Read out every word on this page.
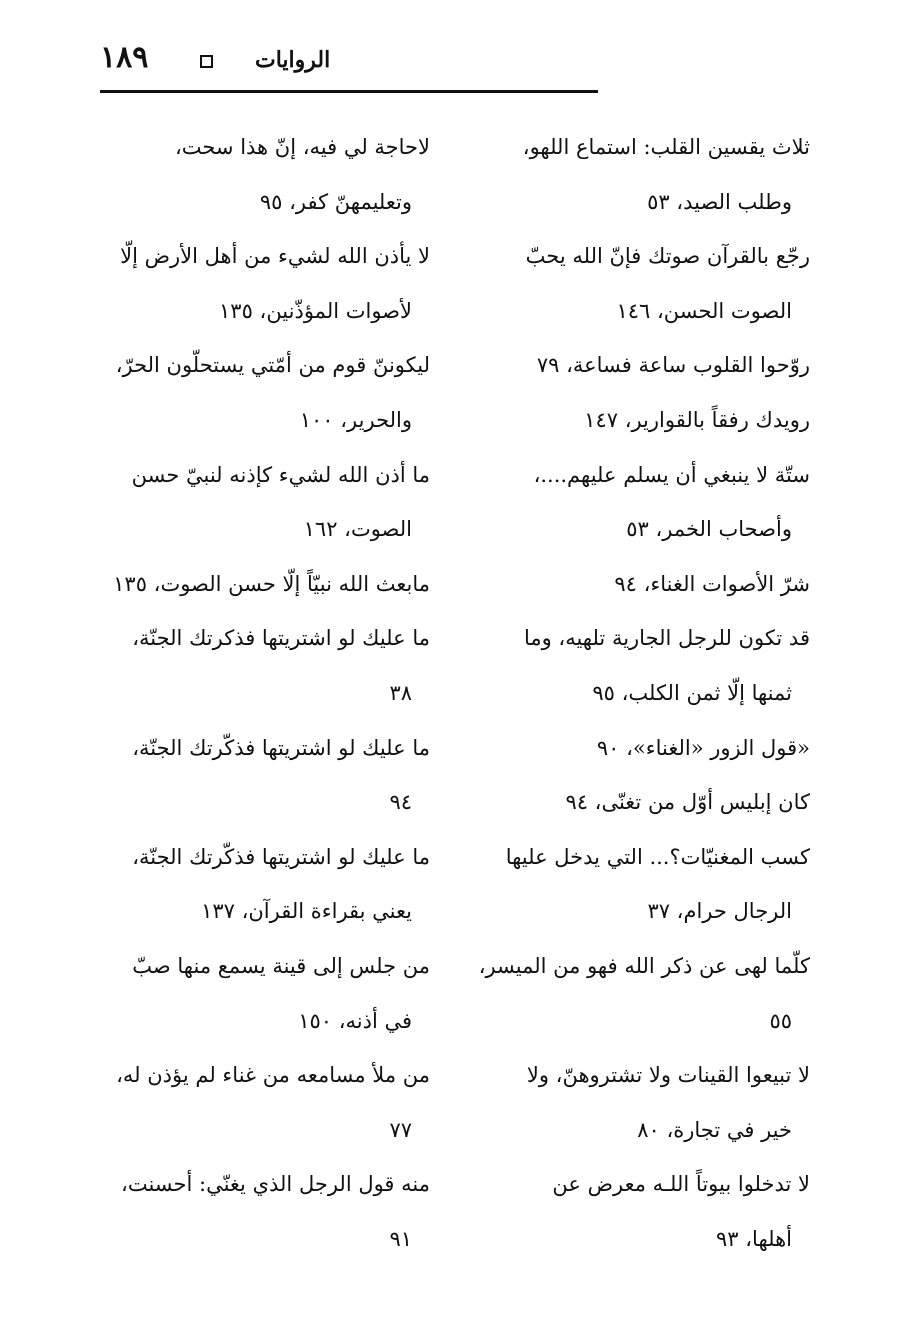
١٨٩	الروايات
ثلاث يقسين القلب: استماع اللهو،
وطلب الصيد، ٥٣
رجّع بالقرآن صوتك فإنّ الله يحبّ
الصوت الحسن، ١٤٦
روّحوا القلوب ساعة فساعة، ٧٩
رويدك رفقاً بالقوارير، ١٤٧
ستّة لا ينبغي أن يسلم عليهم....،
وأصحاب الخمر، ٥٣
شرّ الأصوات الغناء، ٩٤
قد تكون للرجل الجارية تلهيه، وما
ثمنها إلّا ثمن الكلب، ٩٥
«قول الزور «الغناء»، ٩٠
كان إبليس أوّل من تغنّى، ٩٤
كسب المغنيّات؟... التي يدخل عليها
الرجال حرام، ٣٧
كلّما لهى عن ذكر الله فهو من الميسر،
٥٥
لا تبيعوا القينات ولا تشتروهنّ، ولا
خير في تجارة، ٨٠
لا تدخلوا بيوتاً اللـه معرض عن
أهلها، ٩٣
لاحاجة لي فيه، إنّ هذا سحت،
وتعليمهنّ كفر، ٩٥
لا يأذن الله لشيء من أهل الأرض إلّا
لأصوات المؤذّنين، ١٣٥
ليكوننّ قوم من أمّتي يستحلّون الحرّ،
والحرير، ١٠٠
ما أذن الله لشيء كإذنه لنبيّ حسن
الصوت، ١٦٢
مابعث الله نبيّاً إلّا حسن الصوت، ١٣٥
ما عليك لو اشتريتها فذكرتك الجنّة،
٣٨
ما عليك لو اشتريتها فذكّرتك الجنّة،
٩٤
ما عليك لو اشتريتها فذكّرتك الجنّة،
يعني بقراءة القرآن، ١٣٧
من جلس إلى قينة يسمع منها صبّ
في أذنه، ١٥٠
من ملأ مسامعه من غناء لم يؤذن له،
٧٧
منه قول الرجل الذي يغنّي: أحسنت،
٩١
